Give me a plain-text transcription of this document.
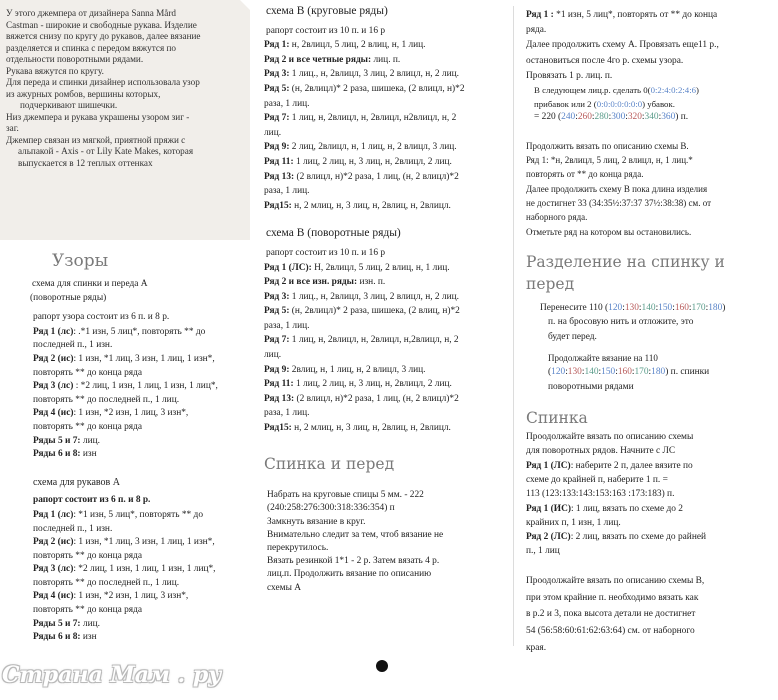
У этого джемпера от дизайнера Sanna Mård

Castman - широкие и свободные рукава. Изделие

вяжется снизу по кругу до рукавов, далее вязание

разделяется и спинка с передом вяжутся по

отдельности поворотными рядами.

Рукава вяжутся по кругу.

Для переда и спинки дизайнер использовала узор

из ажурных ромбов, вершины которых,

подчеркивают шишечки.

Низ джемпера и рукава украшены узором зиг -

заг.

Джемпер связан из мягкой, приятной пряжи с

альпакой - Axis - от Lily Kate Makes, которая

выпускается в 12 теплых оттенках

Узоры

схема для спинки и переда A

(поворотные ряды)

рапорт узора состоит из 6 п. и 8 р.

Ряд 1 (лс): .*1 изн, 5 лиц*, повторять ** до

последней п., 1 изн.

Ряд 2 (ис): 1 изн, *1 лиц, 3 изн, 1 лиц, 1 изн*,

повторять ** до конца ряда

Ряд 3 (лс) : *2 лиц, 1 изн, 1 лиц, 1 изн, 1 лиц*,

повторять ** до последней п., 1 лиц.

Ряд 4 (ис): 1 изн, *2 изн, 1 лиц, 3 изн*,

повторять ** до конца ряда

Ряды 5 и 7: лиц.

Ряды 6 и 8: изн

схема для рукавов A

рапорт состоит из 6 п. и 8 р.

Ряд 1 (лс): *1 изн, 5 лиц*, повторять ** до

последней п., 1 изн.

Ряд 2 (ис): 1 изн, *1 лиц, 3 изн, 1 лиц, 1 изн*,

повторять ** до конца ряда

Ряд 3 (лс): *2 лиц, 1 изн, 1 лиц, 1 изн, 1 лиц*,

повторять ** до последней п., 1 лиц.

Ряд 4 (ис): 1 изн, *2 изн, 1 лиц, 3 изн*,

повторять ** до конца ряда

Ряды 5 и 7: лиц.

Ряды 6 и 8: изн

схема В (круговые ряды)

рапорт состоит из 10 п. и 16 р

Ряд 1: н, 2влицл, 5 лиц, 2 влиц, н, 1 лиц.

Ряд 2 и все четные ряды: лиц. п.

Ряд 3: 1 лиц., н, 2влицл, 3 лиц, 2 влицл, н, 2 лиц.

Ряд 5: (н, 2влицл)* 2 раза, шишека, (2 влицл, н)*2

раза, 1 лиц.

Ряд 7: 1 лиц, н, 2влицл, н, 2влицл, н2влицл, н, 2

лиц.

Ряд 9: 2 лиц, 2влицл, н, 1 лиц, н, 2 влицл, 3 лиц.

Ряд 11: 1 лиц, 2 лиц, н, 3 лиц, н, 2влицл, 2 лиц.

Ряд 13: (2 влицл, н)*2 раза, 1 лиц, (н, 2 влицл)*2

раза, 1 лиц.

Ряд15: н, 2 млиц, н, 3 лиц, н, 2влиц, н, 2влицл.

схема В (поворотные ряды)

рапорт состоит из 10 п. и 16 р

Ряд 1 (ЛС): Н, 2влицл, 5 лиц, 2 влиц, н, 1 лиц.

Ряд 2 и все изн. ряды: изн. п.

Ряд 3: 1 лиц., н, 2влицл, 3 лиц, 2 влицл, н, 2 лиц.

Ряд 5: (н, 2влицл)* 2 раза, шишека, (2 влиц, н)*2

раза, 1 лиц.

Ряд 7: 1 лиц, н, 2влицл, н, 2влицл, н,2влицл, н, 2

лиц.

Ряд 9: 2влиц, н, 1 лиц, н, 2 влицл, 3 лиц.

Ряд 11: 1 лиц, 2 лиц, н, 3 лиц, н, 2влицл, 2 лиц.

Ряд 13: (2 влицл, н)*2 раза, 1 лиц, (н, 2 влицл)*2

раза, 1 лиц.

Ряд15: н, 2 млиц, н, 3 лиц, н, 2влиц, н, 2влицл.

Спинка и перед

Набрать на круговые спицы 5 мм. - 222

(240:258:276:300:318:336:354) п

Замкнуть вязание в круг.

Внимательно следит за тем, чтоб вязание не

перекрутилось.

Вязать резинкой 1*1 - 2 р. Затем вязать 4 р.

лиц.п. Продолжить вязание по описанию

схемы А

Ряд 1 : *1 изн, 5 лиц*, повторять от ** до конца

ряда.

Далее продолжить схему А. Провязать еще11 р.,

остановиться после 4го р. схемы узора.

Провязать 1 р. лиц. п.

В следующем лиц.р. сделать 0(0:2:4:0:2:4:6)

прибавок или 2 (0:0:0:0:0:0:0) убавок.

= 220 (240:260:280:300:320:340:360) п.

Продолжить вязать по описанию схемы В.

Ряд 1: *н, 2влицл, 5 лиц, 2 влицл, н, 1 лиц.*

повторять от ** до конца ряда.

Далее продолжить схему В пока длина изделия

не достигнет 33 (34:35½:37:37 37½:38:38) см. от

наборного ряда.

Отметьте ряд на котором вы остановились.

Разделение на спинку и
перед

Перенесите 110 (120:130:140:150:160:170:180)

п. на бросовую нить и отложите, это

будет перед.

Продолжайте вязание на 110

(120:130:140:150:160:170:180) п. спинки

поворотными рядами

Спинка

Проодолжайте вязать по описанию схемы

для поворотных рядов. Начните с ЛС

Ряд 1 (ЛС): наберите 2 п, далее вязите по

схеме до крайней п, наберите 1 п. =

113 (123:133:143:153:163 :173:183) п.

Ряд 1 (ИС): 1 лиц, вязать по схеме до 2

крайних п, 1 изн, 1 лиц.

Ряд 2 (ЛС): 2 лиц, вязать по схеме до райней

п., 1 лиц

Проодолжайте вязать по описанию схемы В,

при этом крайние п. необходимо вязать как

в р.2 и 3, пока высота детали не достигнет

54 (56:58:60:61:62:63:64) см. от наборного

края.

Страна Мам . ру
